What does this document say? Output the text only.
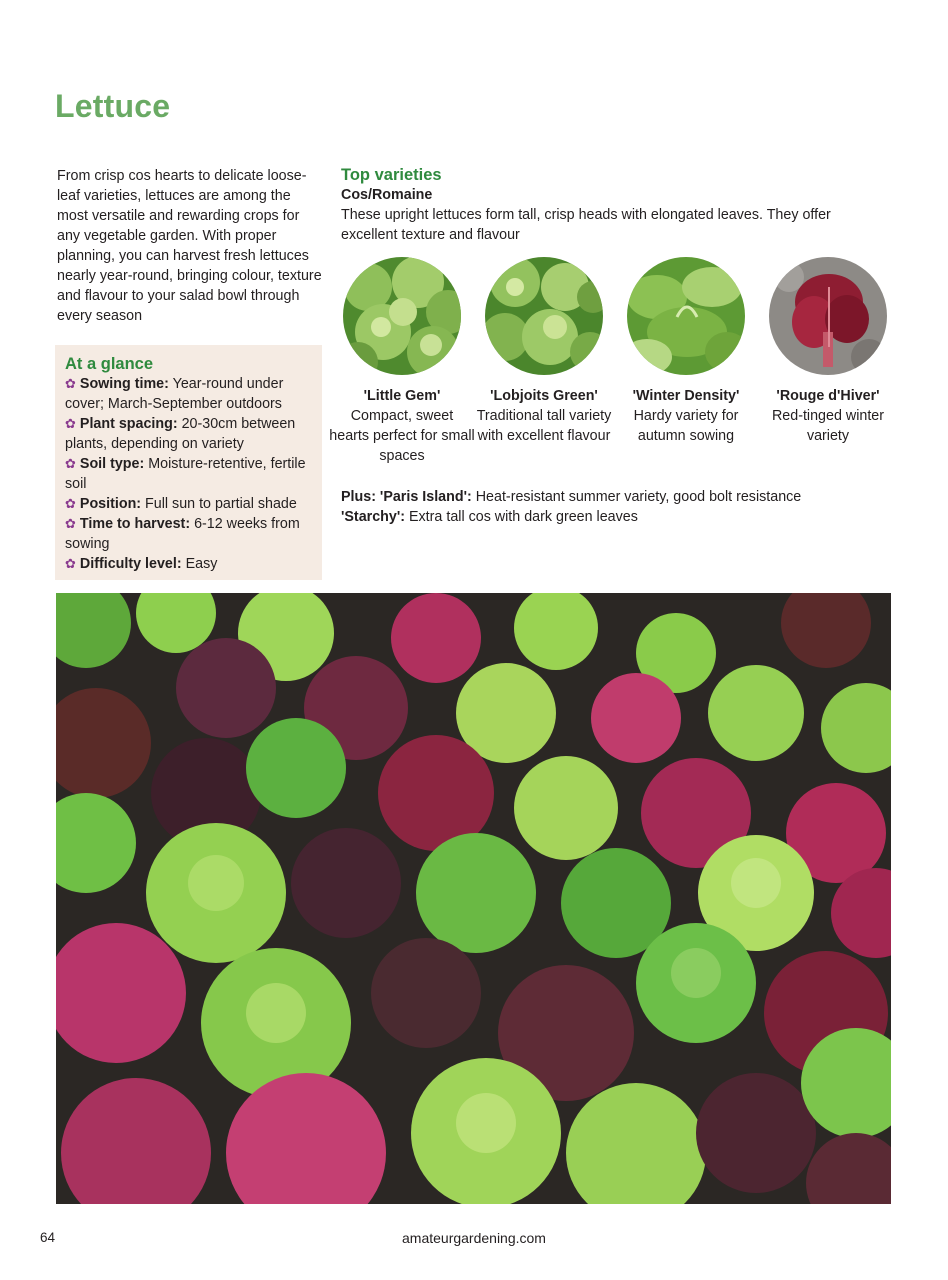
Lettuce
From crisp cos hearts to delicate loose-leaf varieties, lettuces are among the most versatile and rewarding crops for any vegetable garden. With proper planning, you can harvest fresh lettuces nearly year-round, bringing colour, texture and flavour to your salad bowl through every season
At a glance
✿ Sowing time: Year-round under cover; March-September outdoors
✿ Plant spacing: 20-30cm between plants, depending on variety
✿ Soil type: Moisture-retentive, fertile soil
✿ Position: Full sun to partial shade
✿ Time to harvest: 6-12 weeks from sowing
✿ Difficulty level: Easy
Top varieties
Cos/Romaine
These upright lettuces form tall, crisp heads with elongated leaves. They offer excellent texture and flavour
'Little Gem'
Compact, sweet hearts perfect for small spaces
'Lobjoits Green'
Traditional tall variety with excellent flavour
'Winter Density'
Hardy variety for autumn sowing
'Rouge d'Hiver'
Red-tinged winter variety
Plus: 'Paris Island': Heat-resistant summer variety, good bolt resistance
'Starchy': Extra tall cos with dark green leaves
64	amateurgardening.com
